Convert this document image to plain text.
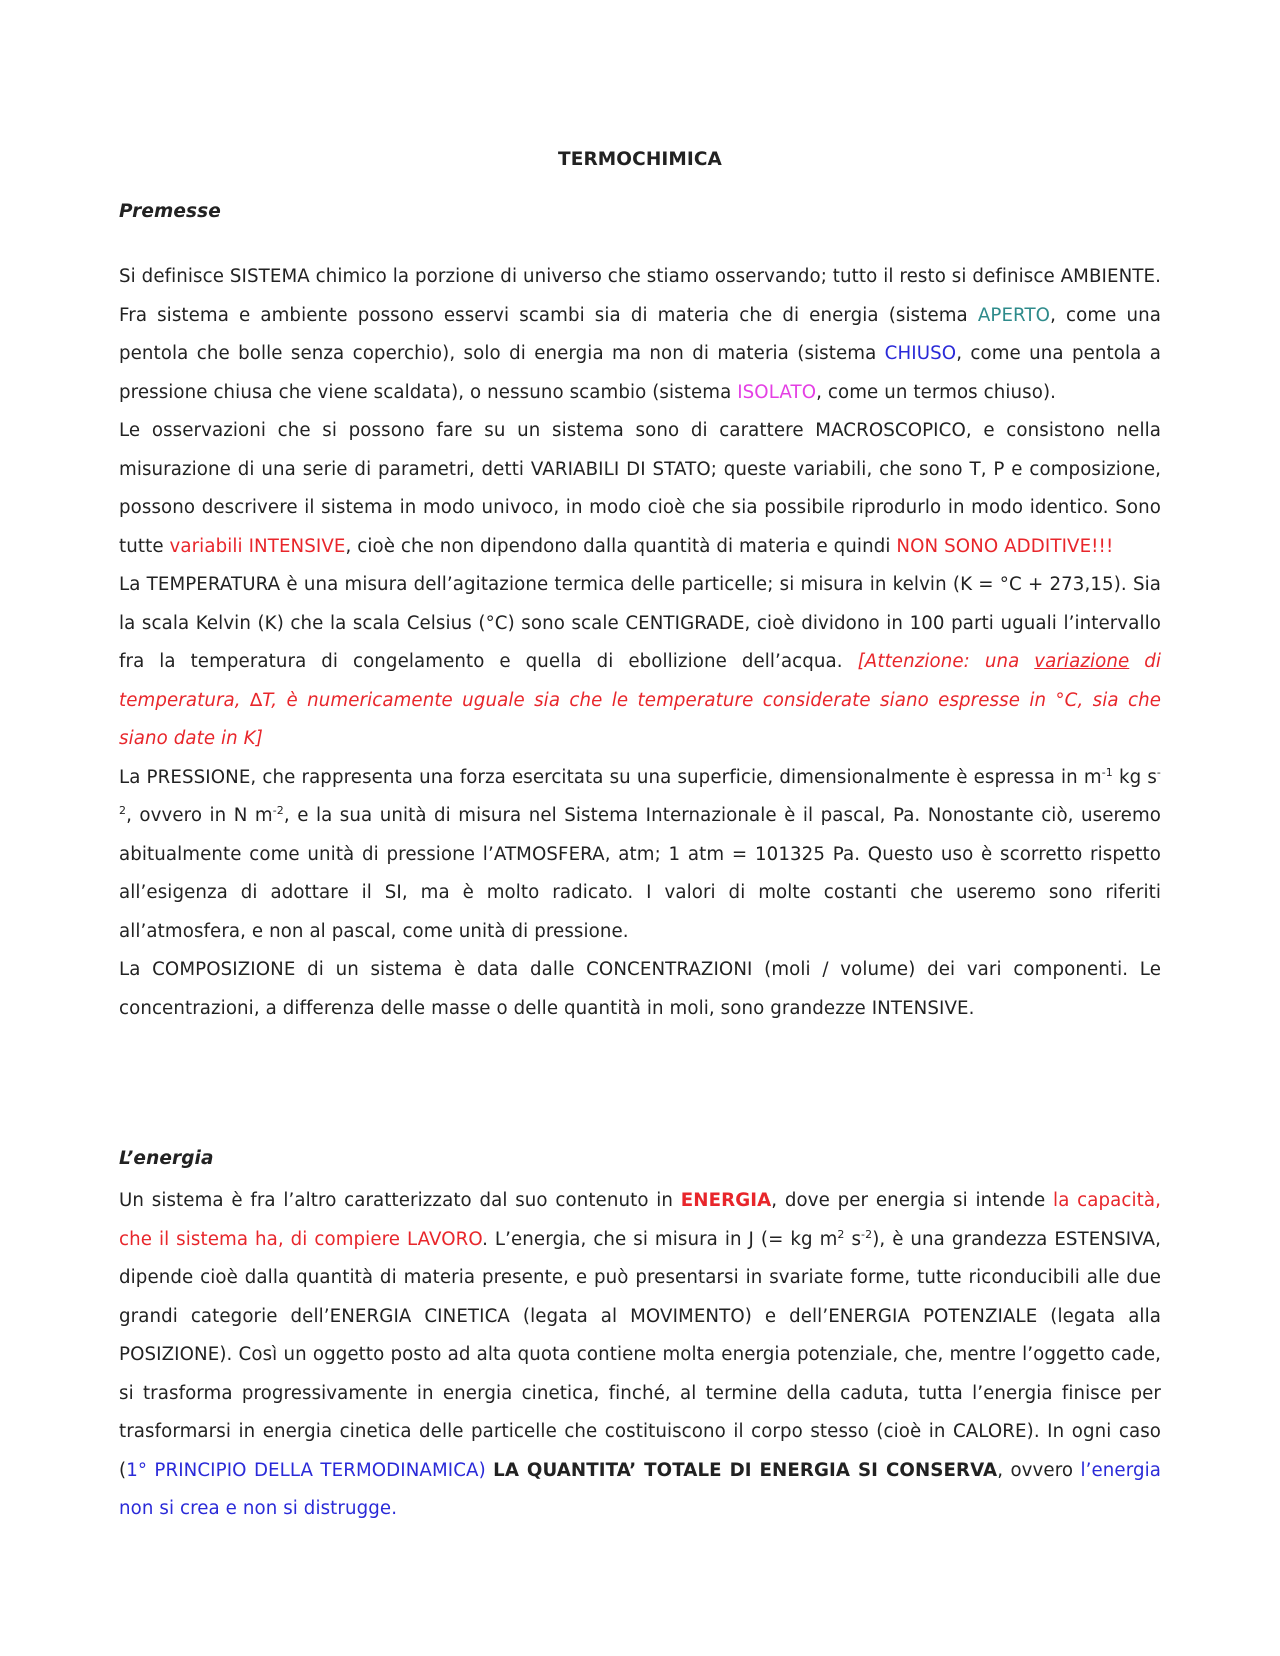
TERMOCHIMICA
Premesse

Si definisce SISTEMA chimico la porzione di universo che stiamo osservando; tutto il resto si definisce AMBIENTE. Fra sistema e ambiente possono esservi scambi sia di materia che di energia (sistema APERTO, come una pentola che bolle senza coperchio), solo di energia ma non di materia (sistema CHIUSO, come una pentola a pressione chiusa che viene scaldata), o nessuno scambio (sistema ISOLATO, come un termos chiuso).

Le osservazioni che si possono fare su un sistema sono di carattere MACROSCOPICO, e consistono nella misurazione di una serie di parametri, detti VARIABILI DI STATO; queste variabili, che sono T, P e composizione, possono descrivere il sistema in modo univoco, in modo cioè che sia possibile riprodurlo in modo identico. Sono tutte variabili INTENSIVE, cioè che non dipendono dalla quantità di materia e quindi NON SONO ADDITIVE!!!

La TEMPERATURA è una misura dell’agitazione termica delle particelle; si misura in kelvin (K = °C + 273,15). Sia la scala Kelvin (K) che la scala Celsius (°C) sono scale CENTIGRADE, cioè dividono in 100 parti uguali l’intervallo fra la temperatura di congelamento e quella di ebollizione dell’acqua. [Attenzione: una variazione di temperatura, ∆T, è numericamente uguale sia che le temperature considerate siano espresse in °C, sia che siano date in K]

La PRESSIONE, che rappresenta una forza esercitata su una superficie, dimensionalmente è espressa in $m^{-1}$ kg $s^{-2}$, ovvero in N $m^{-2}$, e la sua unità di misura nel Sistema Internazionale è il pascal, Pa. Nonostante ciò, useremo abitualmente come unità di pressione l’ATMOSFERA, atm; 1 atm = 101325 Pa. Questo uso è scorretto rispetto all’esigenza di adottare il SI, ma è molto radicato. I valori di molte costanti che useremo sono riferiti all’atmosfera, e non al pascal, come unità di pressione.

La COMPOSIZIONE di un sistema è data dalle CONCENTRAZIONI (moli / volume) dei vari componenti. Le concentrazioni, a differenza delle masse o delle quantità in moli, sono grandezze INTENSIVE.

L’energia

Un sistema è fra l’altro caratterizzato dal suo contenuto in ENERGIA, dove per energia si intende la capacità, che il sistema ha, di compiere LAVORO. L’energia, che si misura in J (= kg $m^2$ $s^{-2}$), è una grandezza ESTENSIVA, dipende cioè dalla quantità di materia presente, e può presentarsi in svariate forme, tutte riconducibili alle due grandi categorie dell’ENERGIA CINETICA (legata al MOVIMENTO) e dell’ENERGIA POTENZIALE (legata alla POSIZIONE). Così un oggetto posto ad alta quota contiene molta energia potenziale, che, mentre l’oggetto cade, si trasforma progressivamente in energia cinetica, finché, al termine della caduta, tutta l’energia finisce per trasformarsi in energia cinetica delle particelle che costituiscono il corpo stesso (cioè in CALORE). In ogni caso (1° PRINCIPIO DELLA TERMODINAMICA) LA QUANTITA’ TOTALE DI ENERGIA SI CONSERVA, ovvero l’energia non si crea e non si distrugge.
